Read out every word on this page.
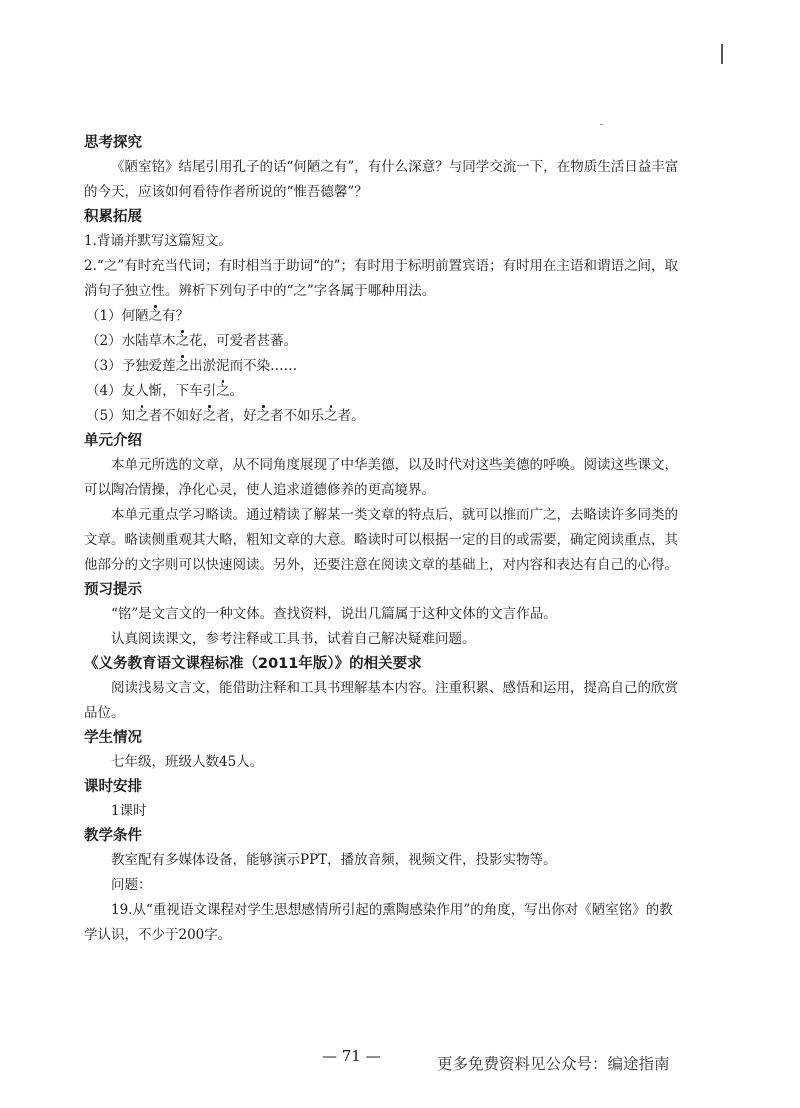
思考探究

《陋室铭》结尾引用孔子的话“何陋之有”，有什么深意？与同学交流一下，在物质生活日益丰富的今天，应该如何看待作者所说的“惟吾德馨”？

积累拓展

1.背诵并默写这篇短文。

2.“之”有时充当代词；有时相当于助词“的”；有时用于标明前置宾语；有时用在主语和谓语之间，取消句子独立性。辨析下列句子中的“之”字各属于哪种用法。

（1）何陋之有？

（2）水陆草木之花，可爱者甚蕃。

（3）予独爱莲之出淤泥而不染……

（4）友人惭，下车引之。

（5）知之者不如好之者，好之者不如乐之者。

单元介绍

本单元所选的文章，从不同角度展现了中华美德，以及时代对这些美德的呼唤。阅读这些课文，可以陶冶情操，净化心灵，使人追求道德修养的更高境界。

本单元重点学习略读。通过精读了解某一类文章的特点后，就可以推而广之，去略读许多同类的文章。略读侧重观其大略，粗知文章的大意。略读时可以根据一定的目的或需要，确定阅读重点，其他部分的文字则可以快速阅读。另外，还要注意在阅读文章的基础上，对内容和表达有自己的心得。

预习提示

“铭”是文言文的一种文体。查找资料，说出几篇属于这种文体的文言作品。

认真阅读课文，参考注释或工具书，试着自己解决疑难问题。

《义务教育语文课程标准（2011年版）》的相关要求

阅读浅易文言文，能借助注释和工具书理解基本内容。注重积累、感悟和运用，提高自己的欣赏品位。

学生情况

七年级，班级人数45人。

课时安排

1课时

教学条件

教室配有多媒体设备，能够演示PPT，播放音频，视频文件，投影实物等。

问题：

19.从“重视语文课程对学生思想感情所引起的熏陶感染作用”的角度，写出你对《陋室铭》的教学认识，不少于200字。

— 71 —	更多免费资料见公众号：编途指南
